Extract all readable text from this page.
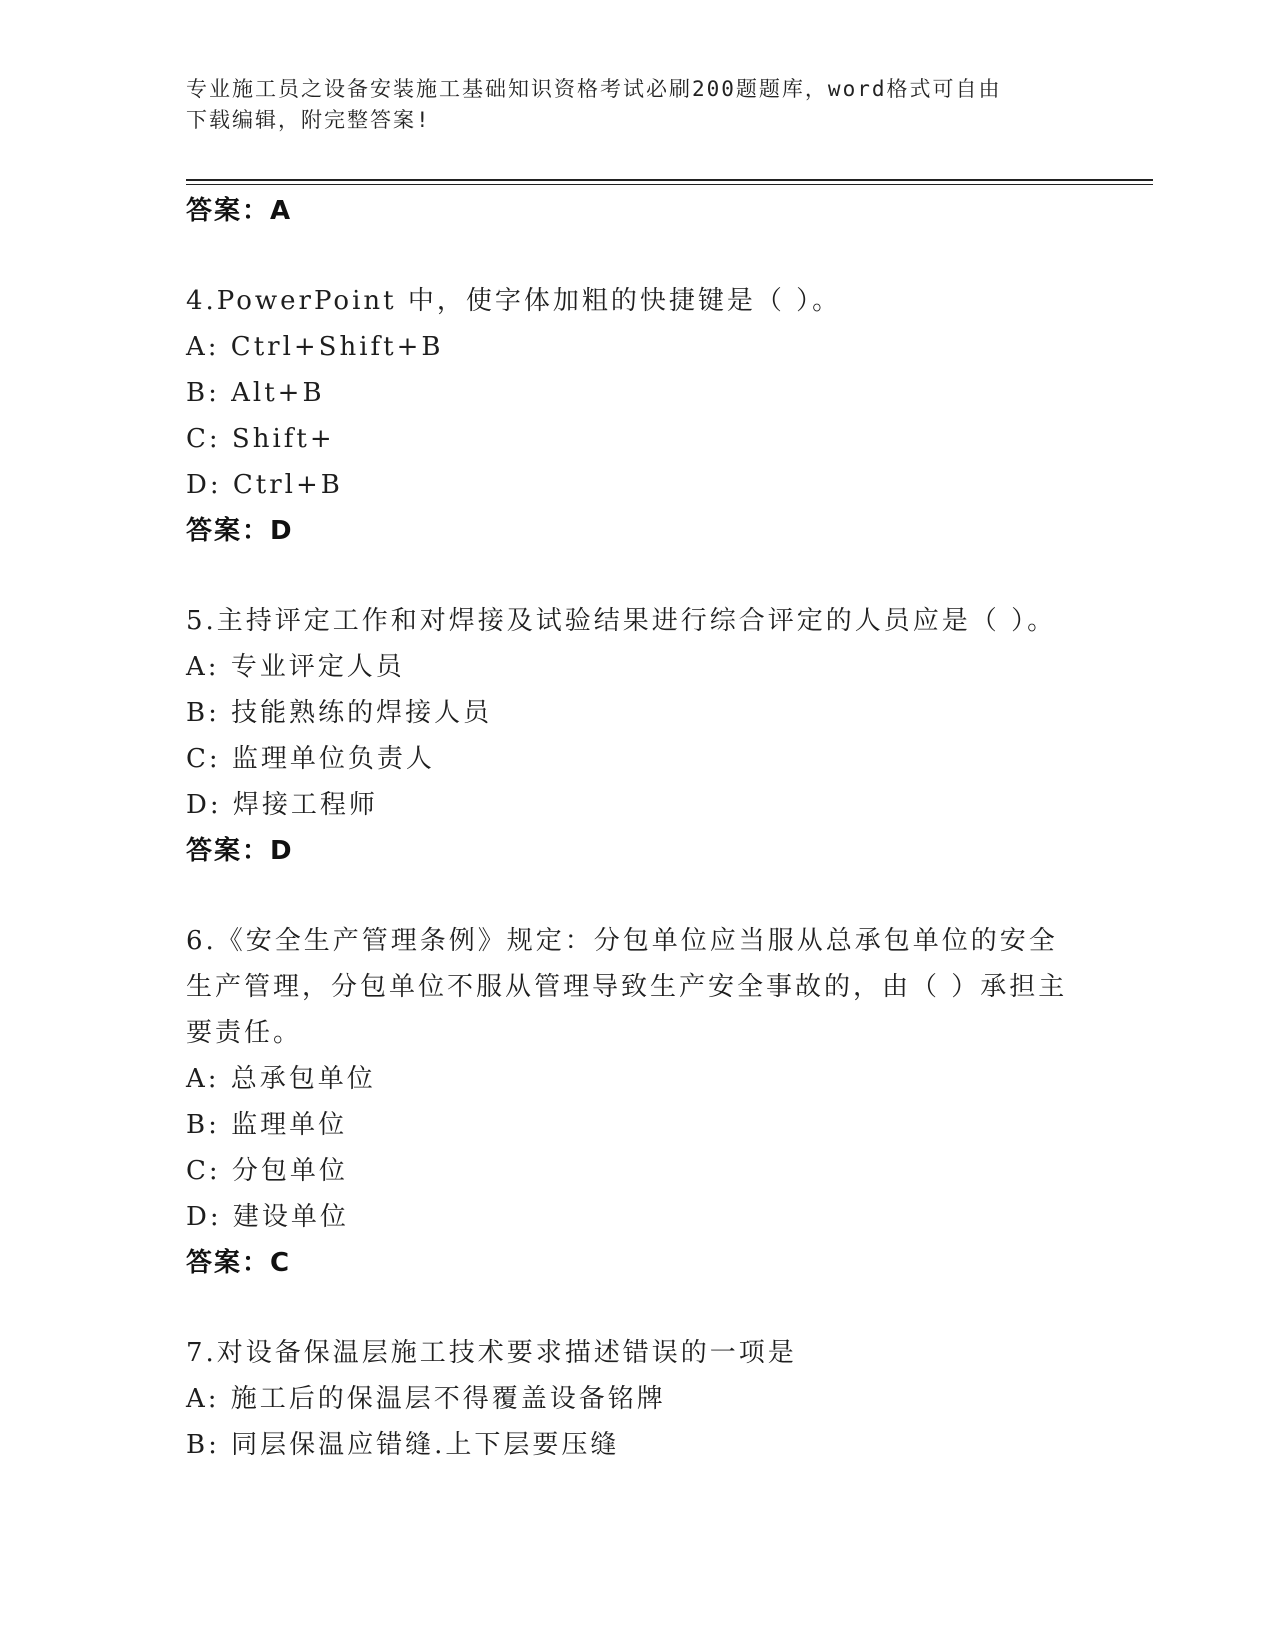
专业施工员之设备安装施工基础知识资格考试必刷200题题库，word格式可自由
下载编辑，附完整答案!
答案：A
4.PowerPoint 中，使字体加粗的快捷键是（ ）。
A: Ctrl+Shift+B
B: Alt+B
C: Shift+
D: Ctrl+B
答案：D
5.主持评定工作和对焊接及试验结果进行综合评定的人员应是（ ）。
A: 专业评定人员
B: 技能熟练的焊接人员
C: 监理单位负责人
D: 焊接工程师
答案：D
6.《安全生产管理条例》规定：分包单位应当服从总承包单位的安全
生产管理，分包单位不服从管理导致生产安全事故的，由（ ）承担主
要责任。
A: 总承包单位
B: 监理单位
C: 分包单位
D: 建设单位
答案：C
7.对设备保温层施工技术要求描述错误的一项是
A: 施工后的保温层不得覆盖设备铭牌
B: 同层保温应错缝.上下层要压缝
